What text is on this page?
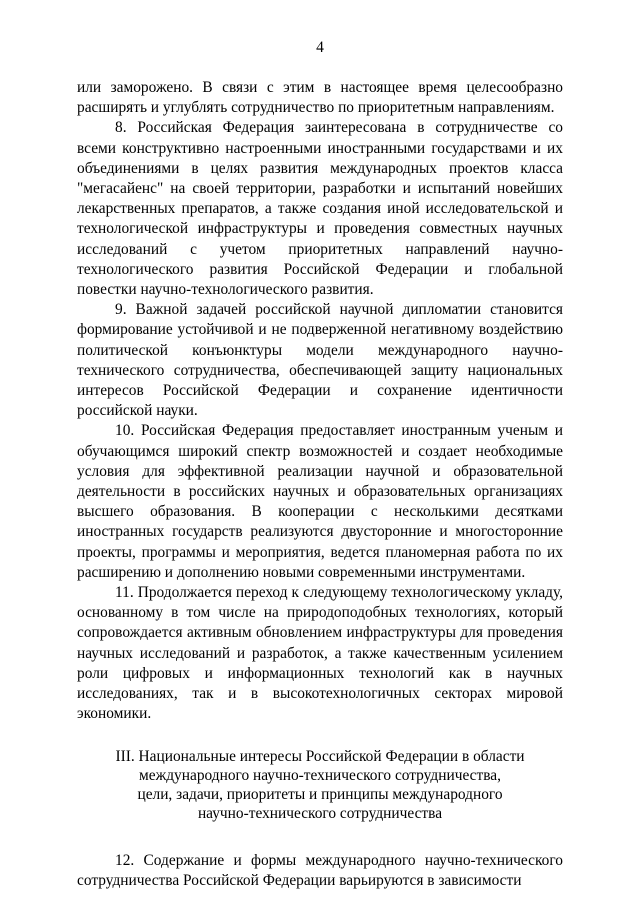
4

или заморожено. В связи с этим в настоящее время целесообразно расширять и углублять сотрудничество по приоритетным направлениям.

8. Российская Федерация заинтересована в сотрудничестве со всеми конструктивно настроенными иностранными государствами и их объединениями в целях развития международных проектов класса "мегасайенс" на своей территории, разработки и испытаний новейших лекарственных препаратов, а также создания иной исследовательской и технологической инфраструктуры и проведения совместных научных исследований с учетом приоритетных направлений научно-технологического развития Российской Федерации и глобальной повестки научно-технологического развития.

9. Важной задачей российской научной дипломатии становится формирование устойчивой и не подверженной негативному воздействию политической конъюнктуры модели международного научно-технического сотрудничества, обеспечивающей защиту национальных интересов Российской Федерации и сохранение идентичности российской науки.

10. Российская Федерация предоставляет иностранным ученым и обучающимся широкий спектр возможностей и создает необходимые условия для эффективной реализации научной и образовательной деятельности в российских научных и образовательных организациях высшего образования. В кооперации с несколькими десятками иностранных государств реализуются двусторонние и многосторонние проекты, программы и мероприятия, ведется планомерная работа по их расширению и дополнению новыми современными инструментами.

11. Продолжается переход к следующему технологическому укладу, основанному в том числе на природоподобных технологиях, который сопровождается активным обновлением инфраструктуры для проведения научных исследований и разработок, а также качественным усилением роли цифровых и информационных технологий как в научных исследованиях, так и в высокотехнологичных секторах мировой экономики.

III. Национальные интересы Российской Федерации в области
международного научно-технического сотрудничества,
цели, задачи, приоритеты и принципы международного
научно-технического сотрудничества

12. Содержание и формы международного научно-технического сотрудничества Российской Федерации варьируются в зависимости
